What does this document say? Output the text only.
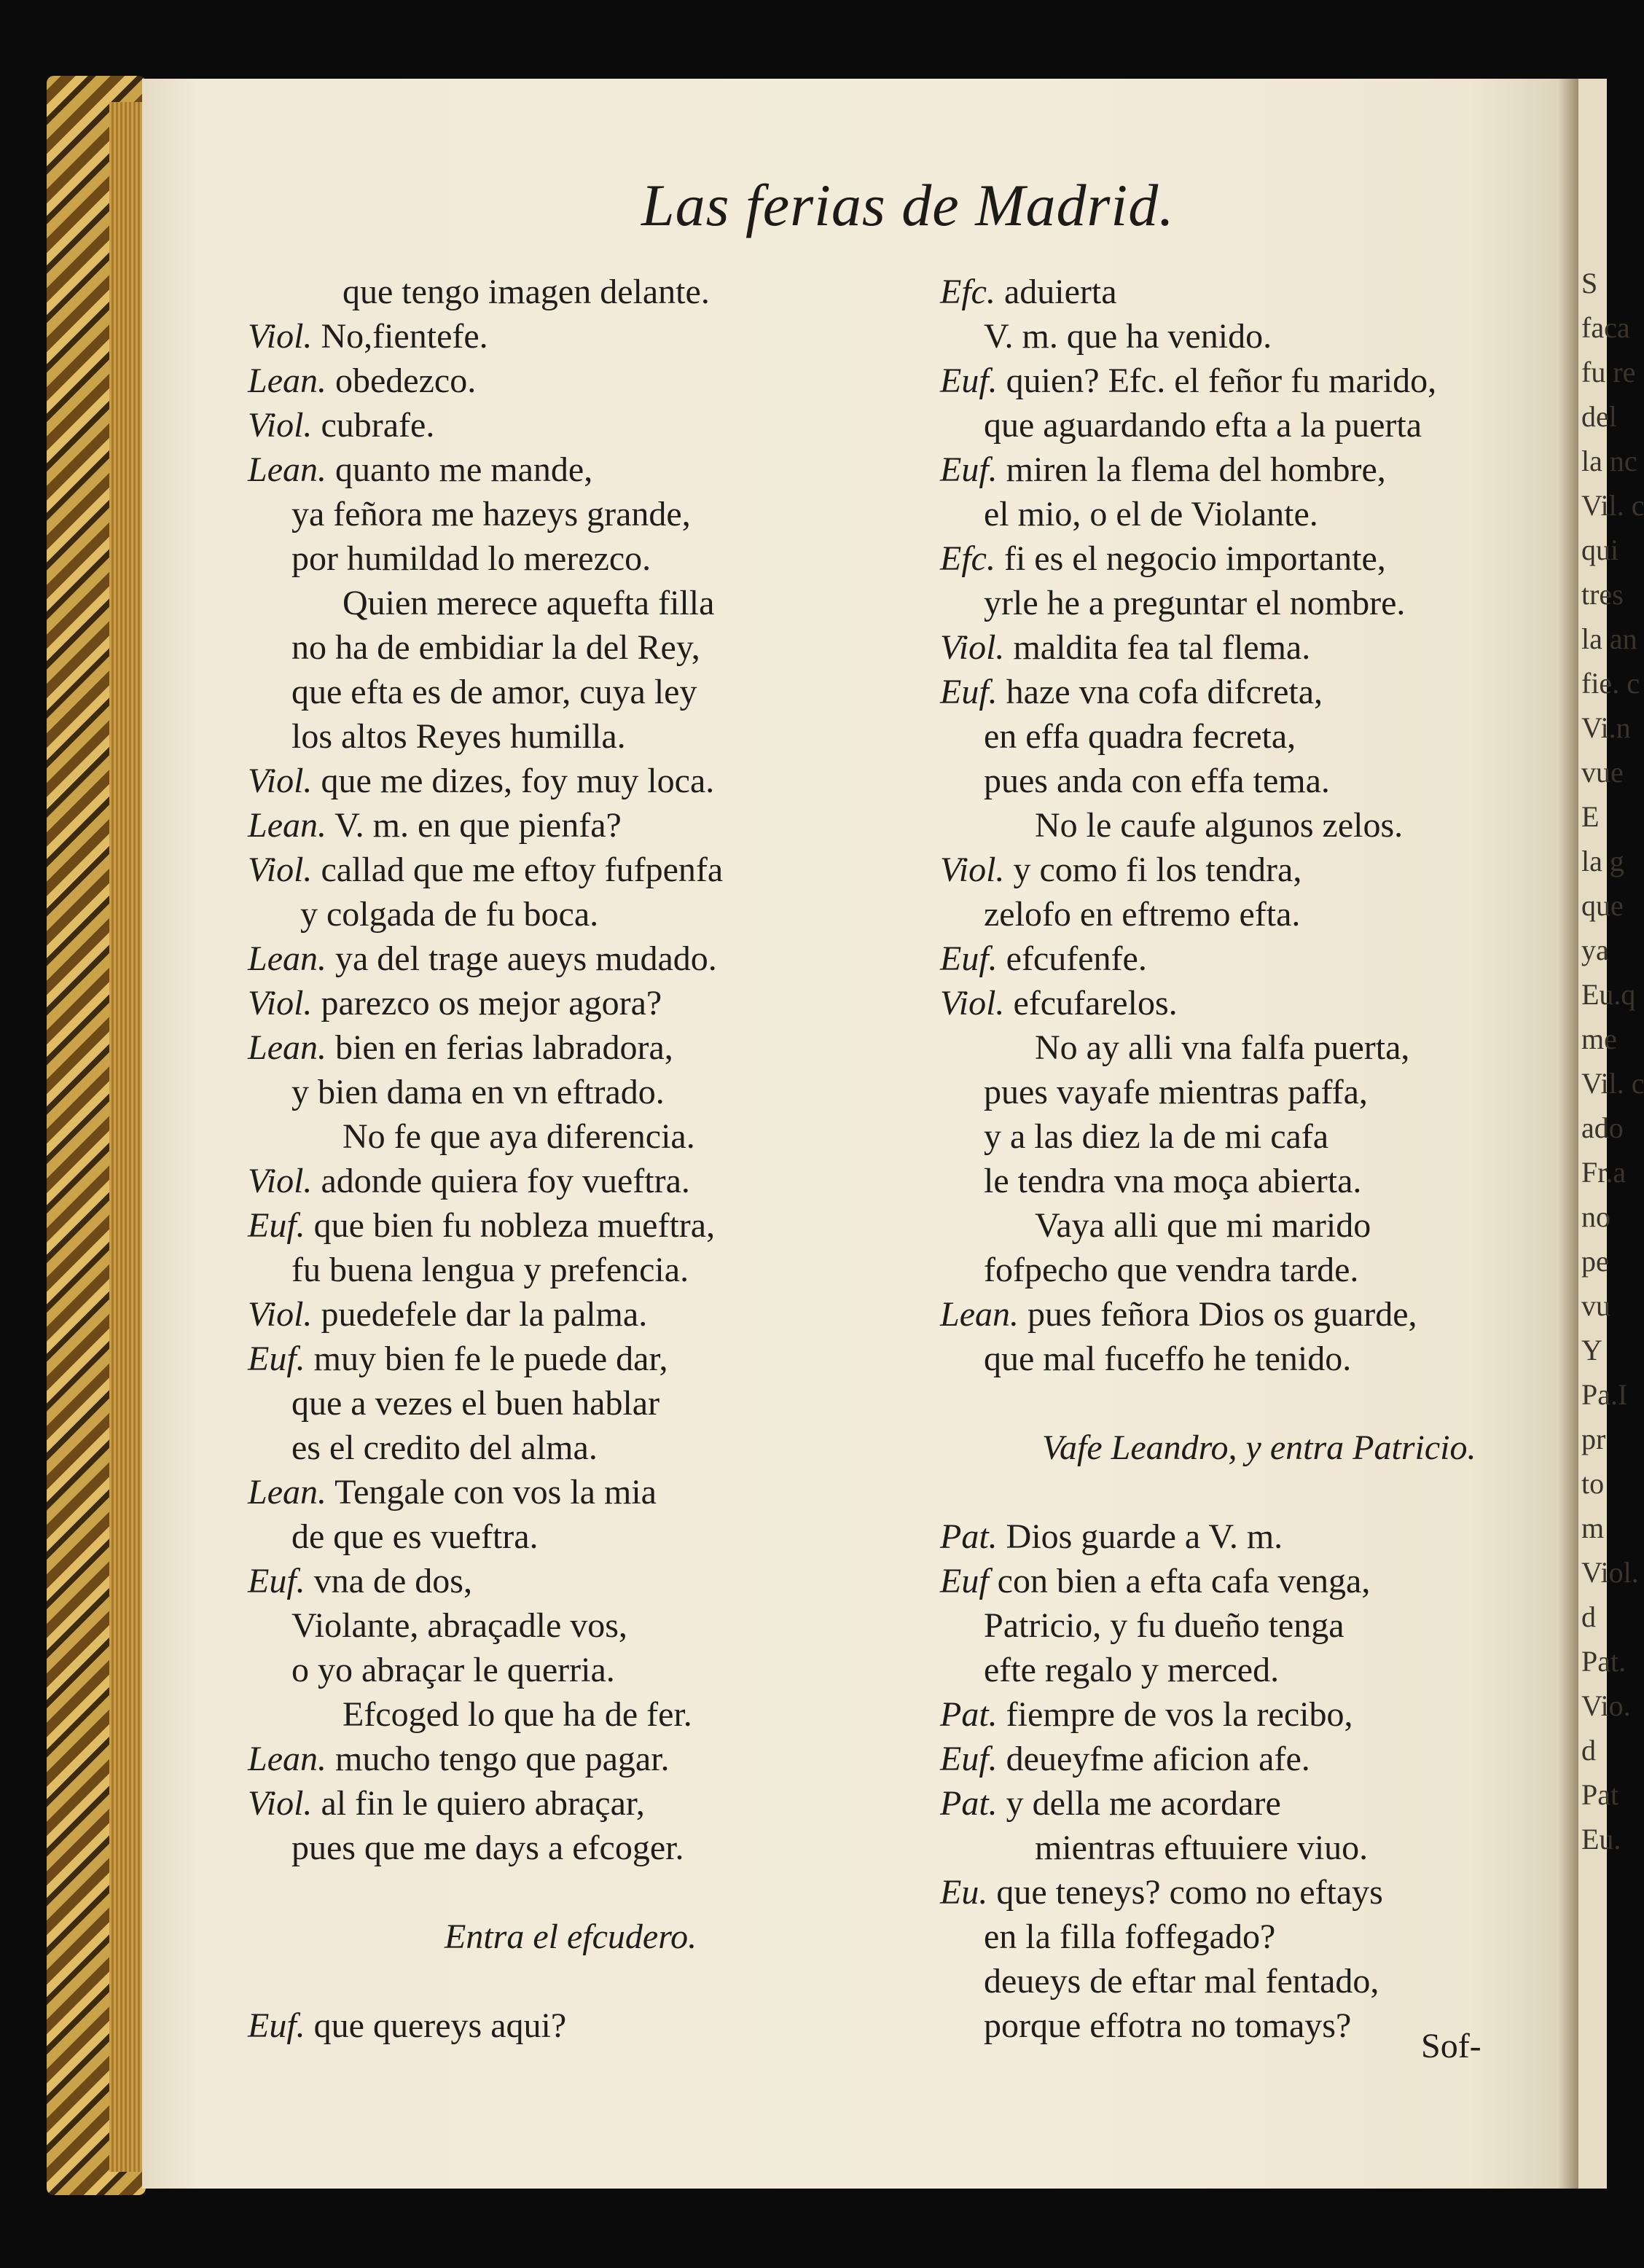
S
faca
fu re
del
la nc
Vil. c
qui
tres
la an
fie. c
Vi.n
vue
E
la g
que
ya
Eu.q
me
Vil. c
ado
Fr.a
no
pe
vu
Y
Pa.I
pr
to
m
Viol.
d
Pat.
Vio.
d
Pat
Eu.
Las ferias de Madrid.
que tengo imagen delante.
Viol. No,fientefe.
Lean. obedezco.
Viol. cubrafe.
Lean. quanto me mande,
ya feñora me hazeys grande,
por humildad lo merezco.
Quien merece aquefta filla
no ha de embidiar la del Rey,
que efta es de amor, cuya ley
los altos Reyes humilla.
Viol. que me dizes, foy muy loca.
Lean. V. m. en que pienfa?
Viol. callad que me eftoy fufpenfa
y colgada de fu boca.
Lean. ya del trage aueys mudado.
Viol. parezco os mejor agora?
Lean. bien en ferias labradora,
y bien dama en vn eftrado.
No fe que aya diferencia.
Viol. adonde quiera foy vueftra.
Euf. que bien fu nobleza mueftra,
fu buena lengua y prefencia.
Viol. puedefele dar la palma.
Euf. muy bien fe le puede dar,
que a vezes el buen hablar
es el credito del alma.
Lean. Tengale con vos la mia
de que es vueftra.
Euf. vna de dos,
Violante, abraçadle vos,
o yo abraçar le querria.
Efcoged lo que ha de fer.
Lean. mucho tengo que pagar.
Viol. al fin le quiero abraçar,
pues que me days a efcoger.
Entra el efcudero.
Euf. que quereys aqui?
Efc. aduierta
V. m. que ha venido.
Euf. quien? Efc. el feñor fu marido,
que aguardando efta a la puerta
Euf. miren la flema del hombre,
el mio, o el de Violante.
Efc. fi es el negocio importante,
yrle he a preguntar el nombre.
Viol. maldita fea tal flema.
Euf. haze vna cofa difcreta,
en effa quadra fecreta,
pues anda con effa tema.
No le caufe algunos zelos.
Viol. y como fi los tendra,
zelofo en eftremo efta.
Euf. efcufenfe.
Viol. efcufarelos.
No ay alli vna falfa puerta,
pues vayafe mientras paffa,
y a las diez la de mi cafa
le tendra vna moça abierta.
Vaya alli que mi marido
fofpecho que vendra tarde.
Lean. pues feñora Dios os guarde,
que mal fuceffo he tenido.
Vafe Leandro, y entra Patricio.
Pat. Dios guarde a V. m.
Euf con bien a efta cafa venga,
Patricio, y fu dueño tenga
efte regalo y merced.
Pat. fiempre de vos la recibo,
Euf. deueyfme aficion afe.
Pat. y della me acordare
mientras eftuuiere viuo.
Eu. que teneys? como no eftays
en la filla foffegado?
deueys de eftar mal fentado,
porque effotra no tomays?
Sof-
